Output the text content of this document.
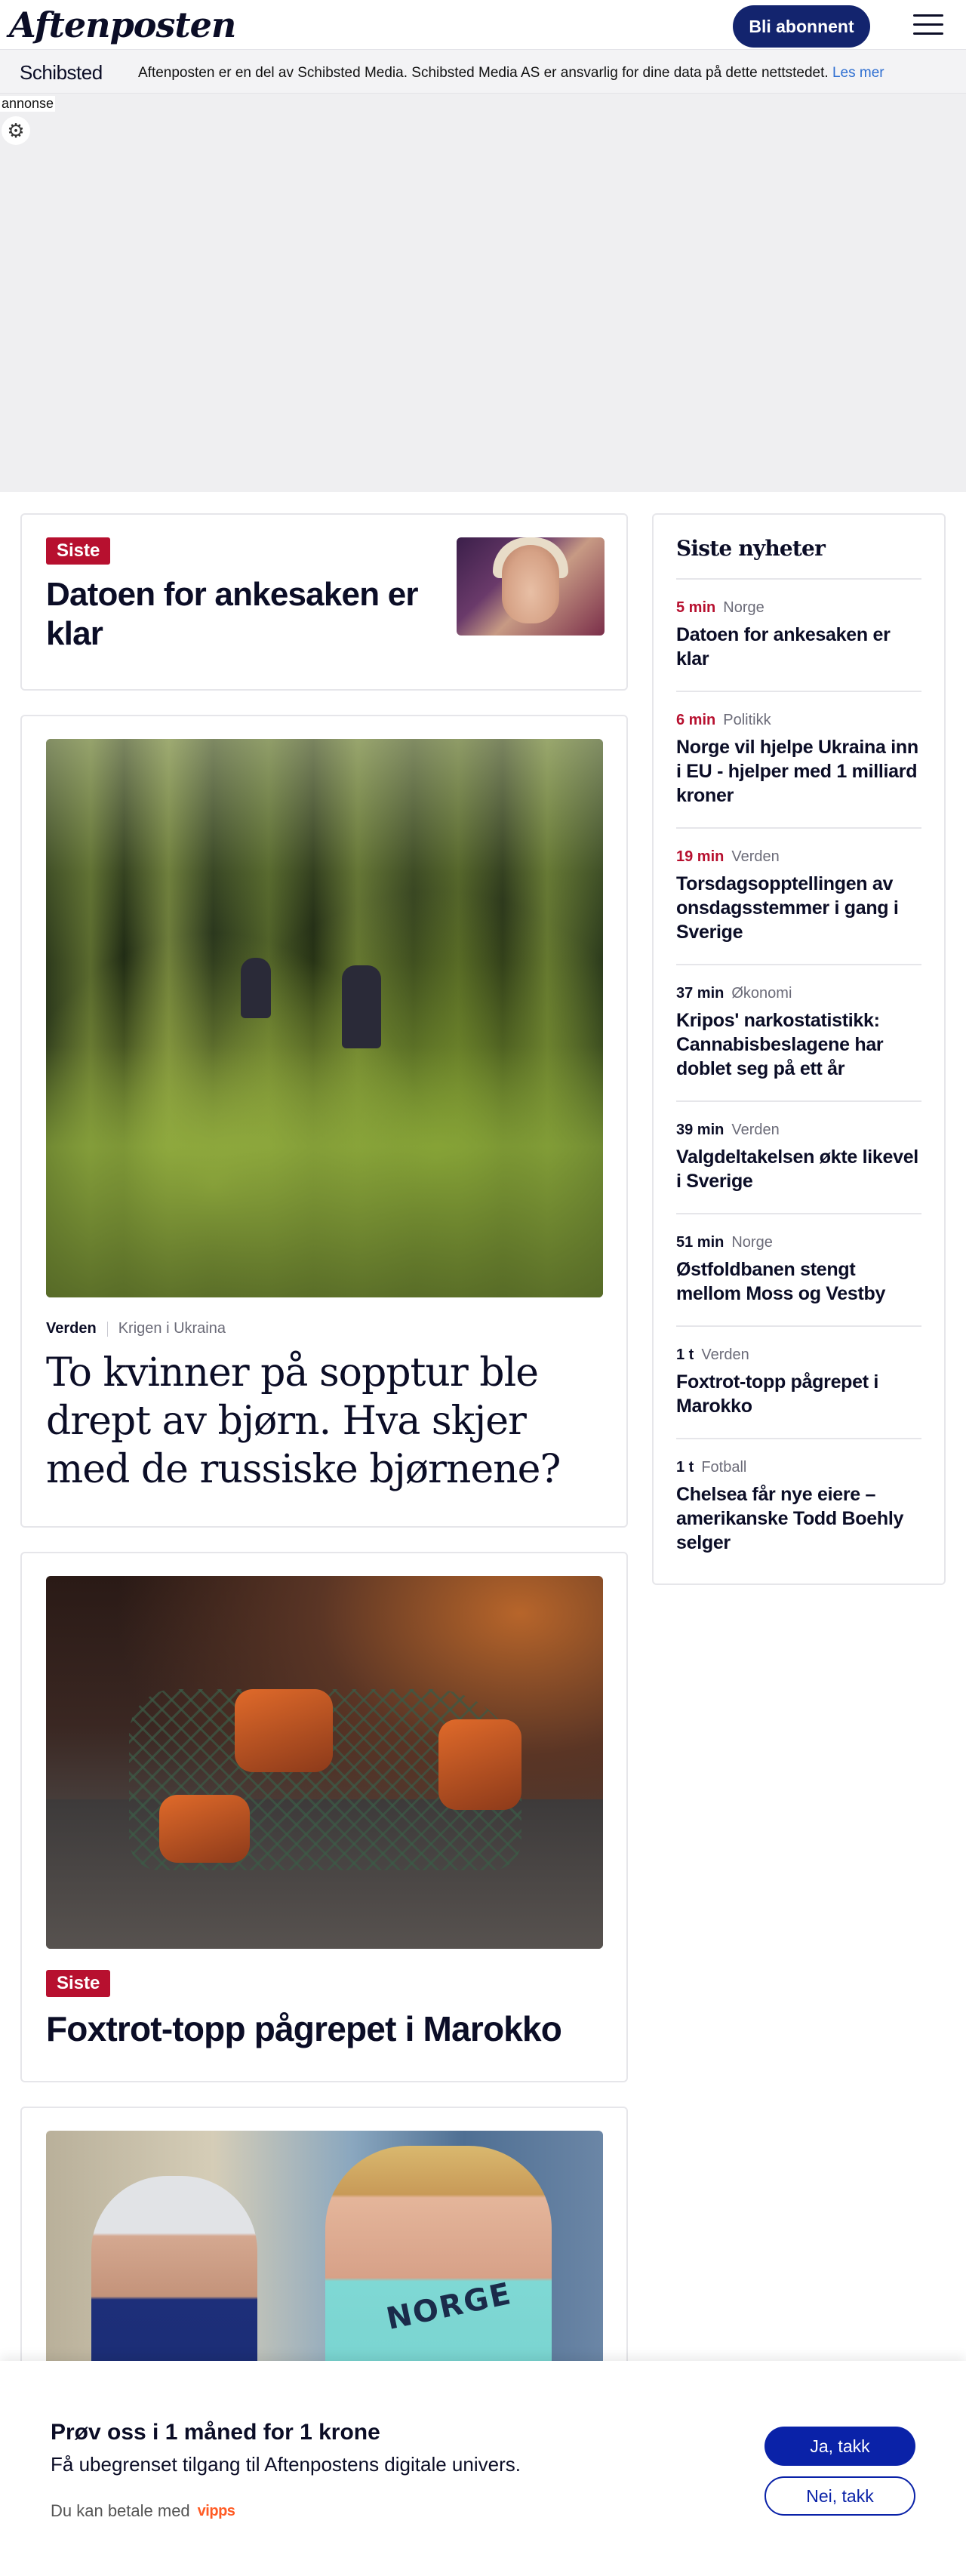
Aftenposten	Bli abonnent
Schibsted Aftenposten er en del av Schibsted Media. Schibsted Media AS er ansvarlig for dine data på dette nettstedet. Les mer
annonse
⚙
Siste
Datoen for ankesaken er klar
Verden Krigen i Ukraina
To kvinner på sopptur ble drept av bjørn. Hva skjer med de russiske bjørnene?
Siste
Foxtrot-topp pågrepet i Marokko
NORGE
Siste nyheter
5 min Norge
Datoen for ankesaken er klar
6 min Politikk
Norge vil hjelpe Ukraina inn i EU - hjelper med 1 milliard kroner
19 min Verden
Torsdagsopptellingen av onsdagsstemmer i gang i Sverige
37 min Økonomi
Kripos' narkostatistikk: Cannabisbeslagene har doblet seg på ett år
39 min Verden
Valgdeltakelsen økte likevel i Sverige
51 min Norge
Østfoldbanen stengt mellom Moss og Vestby
1 t Verden
Foxtrot-topp pågrepet i Marokko
1 t Fotball
Chelsea får nye eiere – amerikanske Todd Boehly selger
Prøv oss i 1 måned for 1 krone
Få ubegrenset tilgang til Aftenpostens digitale univers.
Du kan betale med vipps
Ja, takk
Nei, takk
